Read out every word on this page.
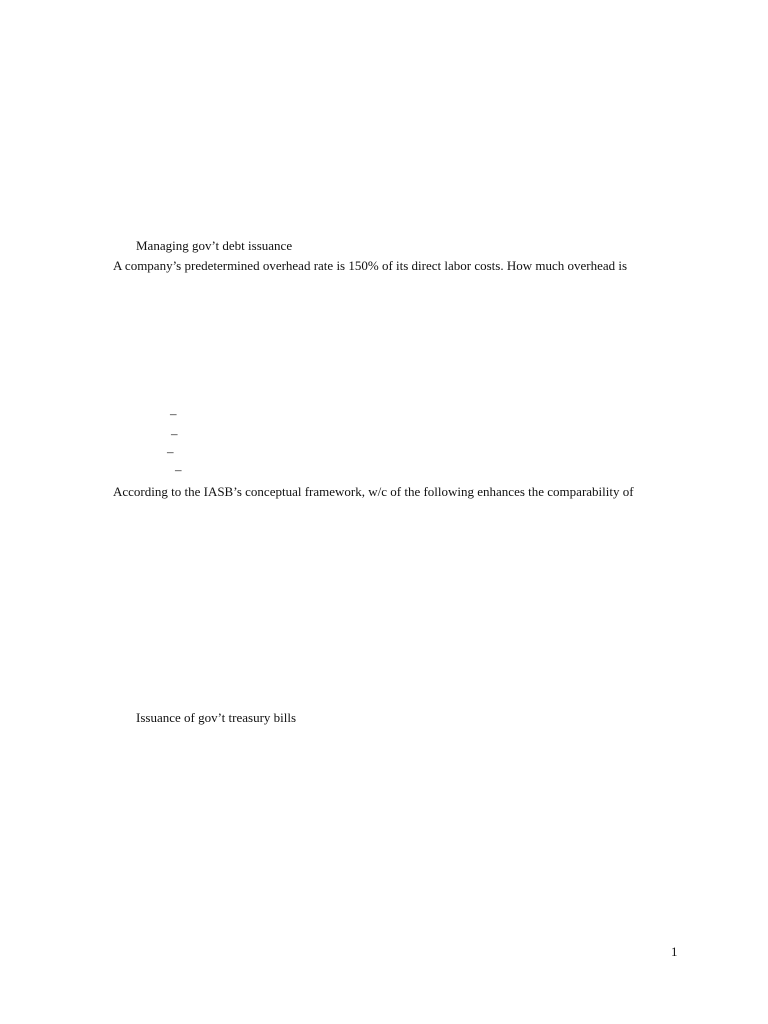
Managing gov’t debt issuance
A company’s predetermined overhead rate is 150% of its direct labor costs. How much overhead is
–
–
–
–
According to the IASB’s conceptual framework, w/c of the following enhances the comparability of
Issuance of gov’t treasury bills
1
